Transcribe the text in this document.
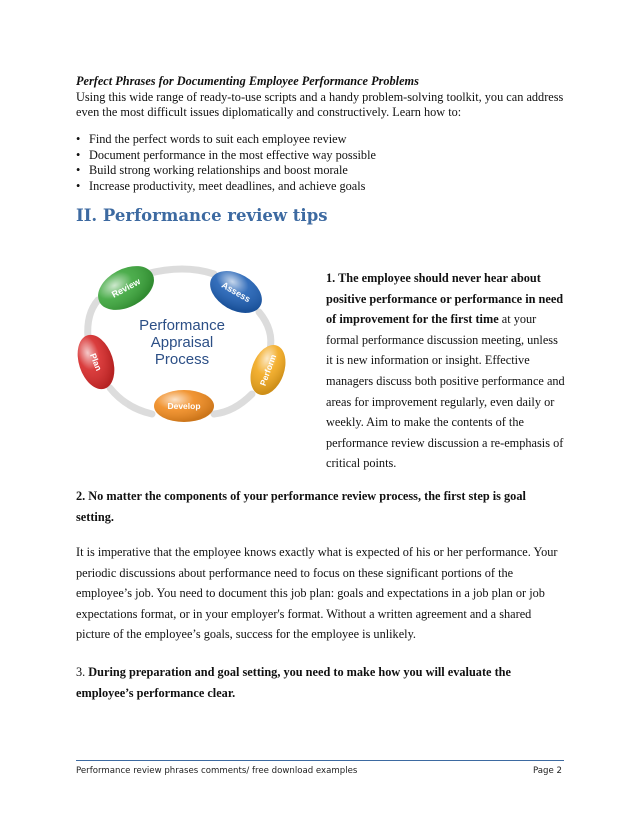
Perfect Phrases for Documenting Employee Performance Problems
Using this wide range of ready-to-use scripts and a handy problem-solving toolkit, you can address even the most difficult issues diplomatically and constructively. Learn how to:
• Find the perfect words to suit each employee review
• Document performance in the most effective way possible
• Build strong working relationships and boost morale
• Increase productivity, meet deadlines, and achieve goals
II. Performance review tips
Review	Assess
Perform
Develop
Plan
Performance
Appraisal
Process
1. The employee should never hear about positive performance or performance in need of improvement for the first time at your formal performance discussion meeting, unless it is new information or insight. Effective managers discuss both positive performance and areas for improvement regularly, even daily or weekly. Aim to make the contents of the performance review discussion a re-emphasis of critical points.
2. No matter the components of your performance review process, the first step is goal setting.
It is imperative that the employee knows exactly what is expected of his or her performance. Your periodic discussions about performance need to focus on these significant portions of the employee’s job. You need to document this job plan: goals and expectations in a job plan or job expectations format, or in your employer's format. Without a written agreement and a shared picture of the employee’s goals, success for the employee is unlikely.
3. During preparation and goal setting, you need to make how you will evaluate the employee’s performance clear.
Performance review phrases comments/ free download examples	Page 2
